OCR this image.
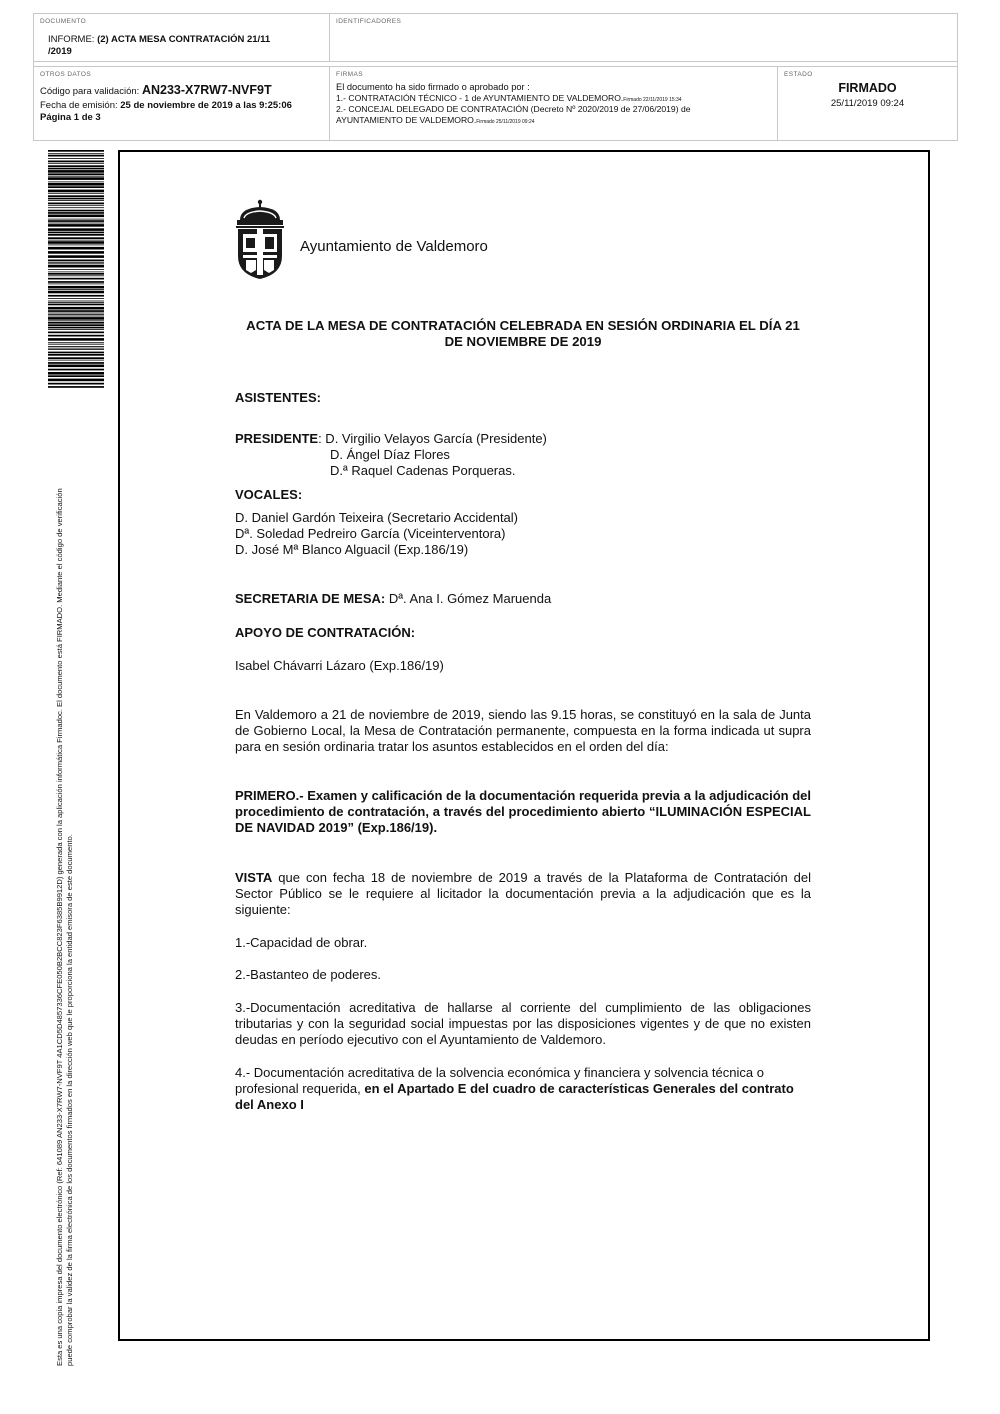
DOCUMENTO
INFORME: (2) ACTA MESA CONTRATACIÓN 21/11
/2019
IDENTIFICADORES
OTROS DATOS
Código para validación: AN233-X7RW7-NVF9T
Fecha de emisión: 25 de noviembre de 2019 a las 9:25:06
Página 1 de 3
FIRMAS
El documento ha sido firmado o aprobado por :
1.- CONTRATACIÓN TÉCNICO - 1 de AYUNTAMIENTO DE VALDEMORO.Firmado 22/11/2019 15:34
2.- CONCEJAL DELEGADO DE CONTRATACIÓN (Decreto Nº 2020/2019 de 27/06/2019) de
AYUNTAMIENTO DE VALDEMORO.Firmado 25/11/2019 09:24
ESTADO
FIRMADO
25/11/2019 09:24
Esta es una copia impresa del documento electrónico (Ref: 641089 AN233-X7RW7-NVF9T 4A1CD5D4857336CFE050B2BCC823F6385B9912D) generada con la aplicación informática Firmadoc. El documento está FIRMADO. Mediante el código de verificación puede comprobar la validez de la firma electrónica de los documentos firmados en la dirección web que le proporciona la entidad emisora de este documento.
Ayuntamiento de Valdemoro
ACTA DE LA MESA DE CONTRATACIÓN CELEBRADA EN SESIÓN ORDINARIA EL DÍA 21
DE NOVIEMBRE DE 2019
ASISTENTES:
PRESIDENTE: D. Virgilio Velayos García (Presidente)
D. Ángel Díaz Flores
D.ª Raquel Cadenas Porqueras.
VOCALES:
D. Daniel Gardón Teixeira (Secretario Accidental)
Dª. Soledad Pedreiro García (Viceinterventora)
D. José Mª Blanco Alguacil (Exp.186/19)
SECRETARIA DE MESA: Dª. Ana I. Gómez Maruenda
APOYO DE CONTRATACIÓN:
Isabel Chávarri Lázaro (Exp.186/19)
En Valdemoro a 21 de noviembre de 2019, siendo las 9.15 horas, se constituyó en la sala de Junta de Gobierno Local, la Mesa de Contratación permanente, compuesta en la forma indicada ut supra para en sesión ordinaria tratar los asuntos establecidos en el orden del día:
PRIMERO.- Examen y calificación de la documentación requerida previa a la adjudicación del procedimiento de contratación, a través del procedimiento abierto “ILUMINACIÓN ESPECIAL DE NAVIDAD 2019” (Exp.186/19).
VISTA que con fecha 18 de noviembre de 2019 a través de la Plataforma de Contratación del Sector Público se le requiere al licitador la documentación previa a la adjudicación que es la siguiente:
1.-Capacidad de obrar.
2.-Bastanteo de poderes.
3.-Documentación acreditativa de hallarse al corriente del cumplimiento de las obligaciones tributarias y con la seguridad social impuestas por las disposiciones vigentes y de que no existen deudas en período ejecutivo con el Ayuntamiento de Valdemoro.
4.- Documentación acreditativa de la solvencia económica y financiera y solvencia técnica o profesional requerida, en el Apartado E del cuadro de características Generales del contrato del Anexo I
